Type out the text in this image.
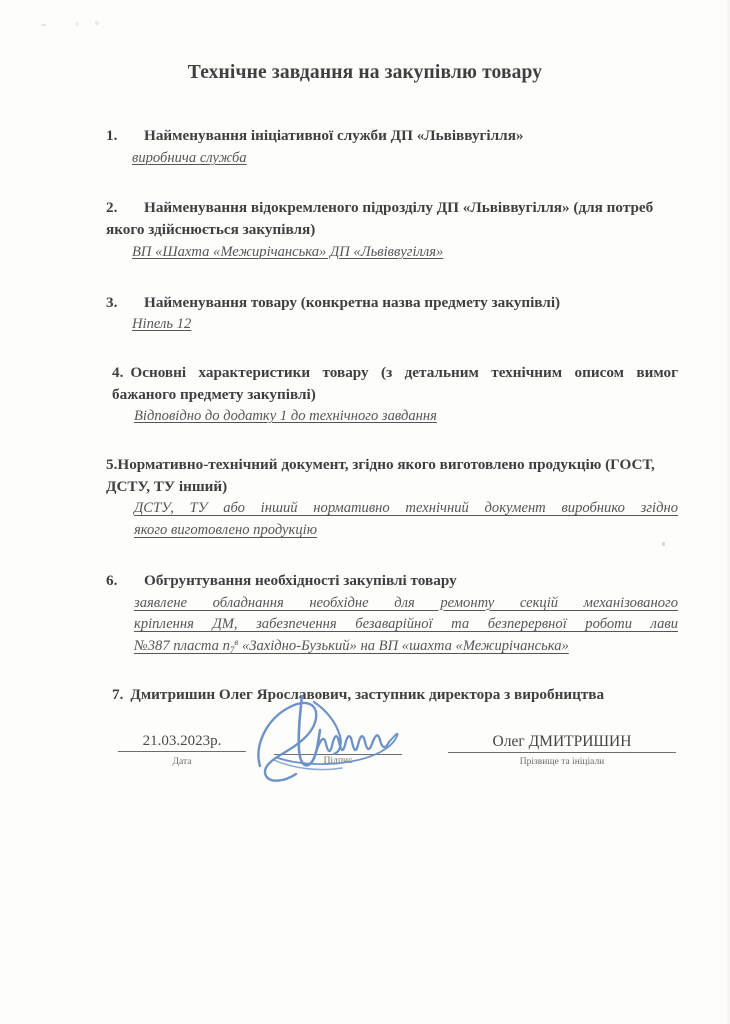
Технічне завдання на закупівлю товару
1. Найменування ініціативної служби ДП «Львіввугілля»
виробнича служба
2. Найменування відокремленого підрозділу ДП «Львіввугілля» (для потреб якого здійснюється закупівля)
ВП «Шахта «Межирічанська» ДП «Львіввугілля»
3. Найменування товару (конкретна назва предмету закупівлі)
Ніпель 12
4. Основні характеристики товару (з детальним технічним описом вимог бажаного предмету закупівлі)
Відповідно до додатку 1 до технічного завдання
5.Нормативно-технічний документ, згідно якого виготовлено продукцію (ГОСТ, ДСТУ, ТУ інший)
ДСТУ, ТУ або інший нормативно технічний документ виробнико згідно
якого виготовлено продукцію
6. Обгрунтування необхідності закупівлі товару
заявлене обладнання необхідне для ремонту секцій механізованого
кріплення ДМ, забезпечення безаварійної та безперервної роботи лави
№387 пласта $п_7^в$ «Західно-Бузький» на ВП «шахта «Межирічанська»
7. Дмитришин Олег Ярославович, заступник директора з виробництва
21.03.2023р.
Дата	Підпис
Олег ДМИТРИШИН
Прізвище та ініціали
